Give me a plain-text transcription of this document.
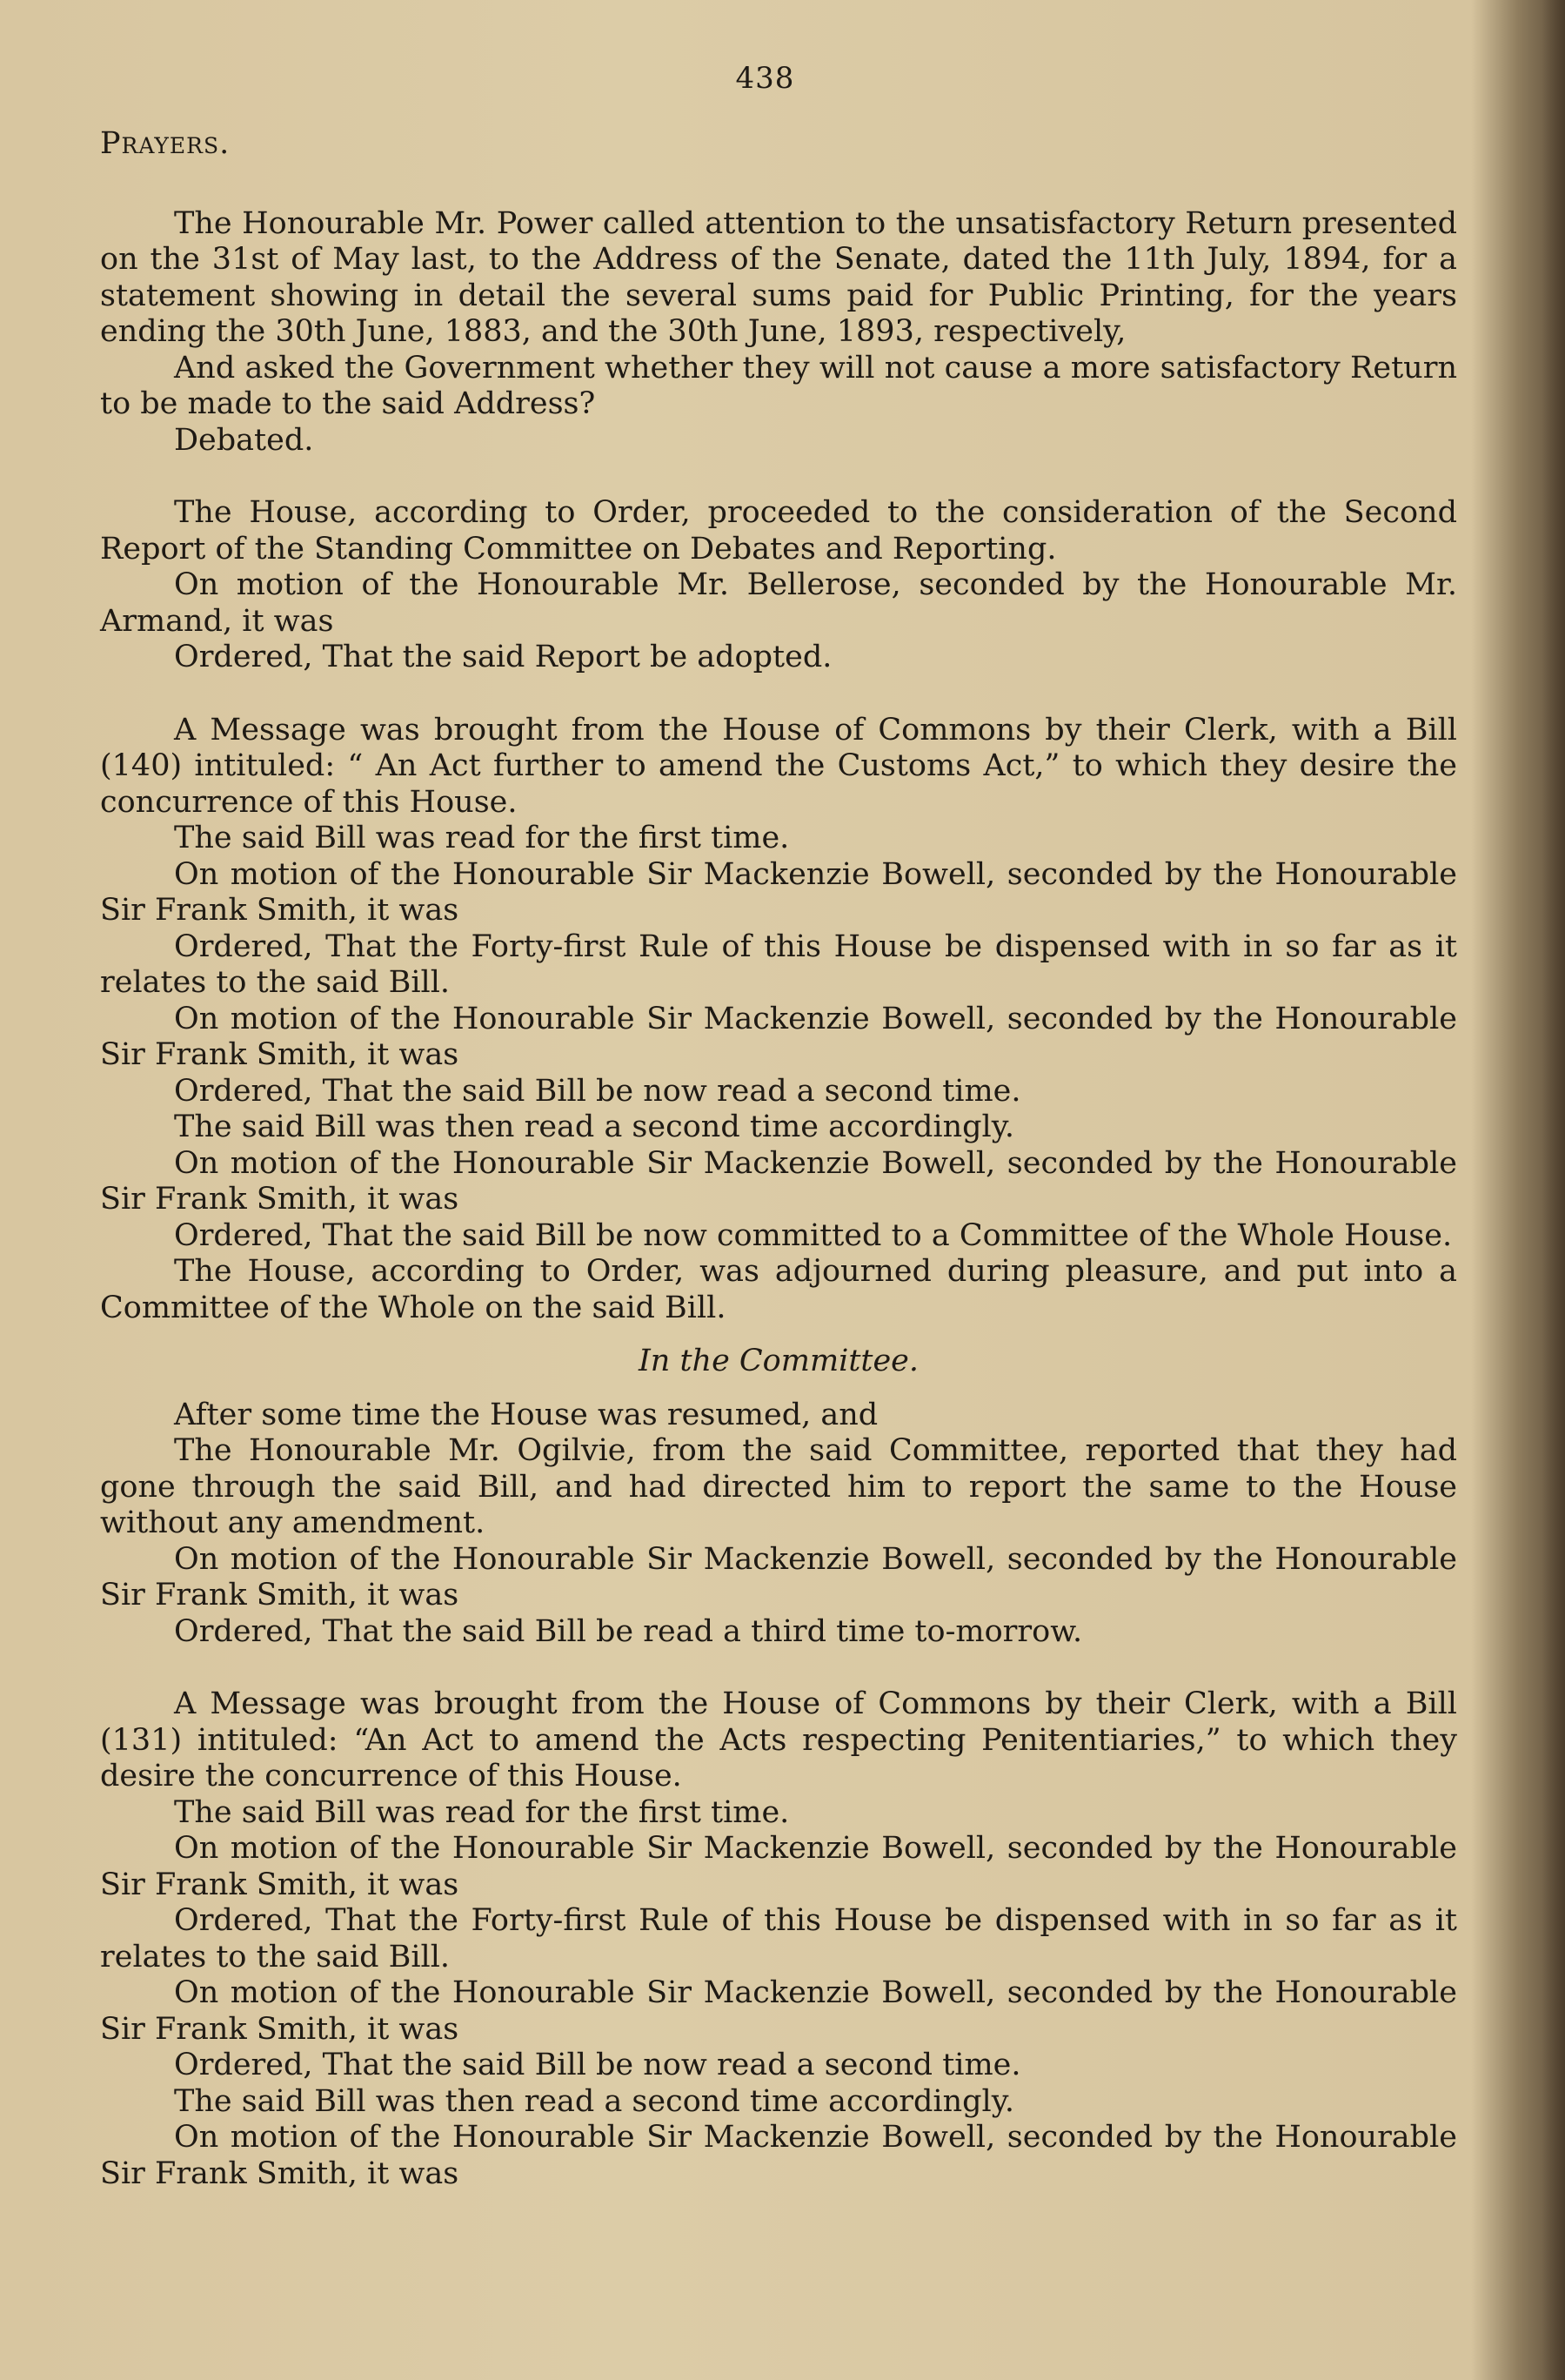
438
Prayers.

The Honourable Mr. Power called attention to the unsatisfactory Return presented on the 31st of May last, to the Address of the Senate, dated the 11th July, 1894, for a statement showing in detail the several sums paid for Public Printing, for the years ending the 30th June, 1883, and the 30th June, 1893, respectively,

And asked the Government whether they will not cause a more satisfactory Return to be made to the said Address?

Debated.

The House, according to Order, proceeded to the consideration of the Second Report of the Standing Committee on Debates and Reporting.

On motion of the Honourable Mr. Bellerose, seconded by the Honourable Mr. Armand, it was

Ordered, That the said Report be adopted.

A Message was brought from the House of Commons by their Clerk, with a Bill (140) intituled: “ An Act further to amend the Customs Act,” to which they desire the concurrence of this House.

The said Bill was read for the first time.

On motion of the Honourable Sir Mackenzie Bowell, seconded by the Honourable Sir Frank Smith, it was

Ordered, That the Forty-first Rule of this House be dispensed with in so far as it relates to the said Bill.

On motion of the Honourable Sir Mackenzie Bowell, seconded by the Honourable Sir Frank Smith, it was

Ordered, That the said Bill be now read a second time.

The said Bill was then read a second time accordingly.

On motion of the Honourable Sir Mackenzie Bowell, seconded by the Honourable Sir Frank Smith, it was

Ordered, That the said Bill be now committed to a Committee of the Whole House.

The House, according to Order, was adjourned during pleasure, and put into a Committee of the Whole on the said Bill.

In the Committee.

After some time the House was resumed, and

The Honourable Mr. Ogilvie, from the said Committee, reported that they had gone through the said Bill, and had directed him to report the same to the House without any amendment.

On motion of the Honourable Sir Mackenzie Bowell, seconded by the Honourable Sir Frank Smith, it was

Ordered, That the said Bill be read a third time to-morrow.

A Message was brought from the House of Commons by their Clerk, with a Bill (131) intituled: “An Act to amend the Acts respecting Penitentiaries,” to which they desire the concurrence of this House.

The said Bill was read for the first time.

On motion of the Honourable Sir Mackenzie Bowell, seconded by the Honourable Sir Frank Smith, it was

Ordered, That the Forty-first Rule of this House be dispensed with in so far as it relates to the said Bill.

On motion of the Honourable Sir Mackenzie Bowell, seconded by the Honourable Sir Frank Smith, it was

Ordered, That the said Bill be now read a second time.

The said Bill was then read a second time accordingly.

On motion of the Honourable Sir Mackenzie Bowell, seconded by the Honourable Sir Frank Smith, it was
